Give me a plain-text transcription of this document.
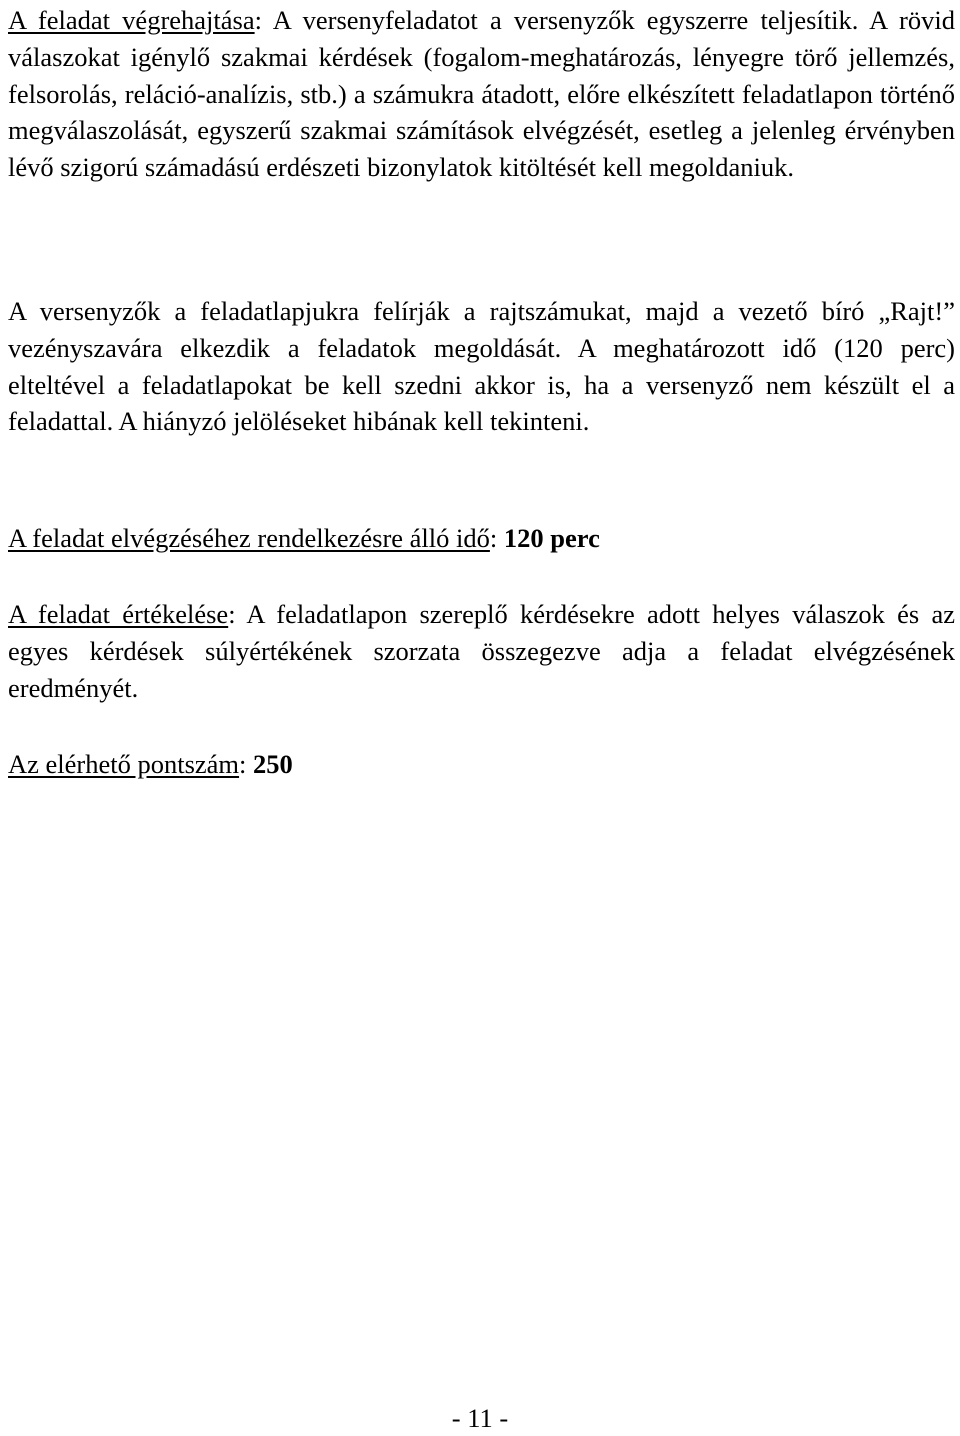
A feladat végrehajtása: A versenyfeladatot a versenyzők egyszerre teljesítik. A rövid válaszokat igénylő szakmai kérdések (fogalom-meghatározás, lényegre törő jellemzés, felsorolás, reláció-analízis, stb.) a számukra átadott, előre elkészített feladatlapon történő megválaszolását, egyszerű szakmai számítások elvégzését, esetleg a jelenleg érvényben lévő szigorú számadású erdészeti bizonylatok kitöltését kell megoldaniuk.

A versenyzők a feladatlapjukra felírják a rajtszámukat, majd a vezető bíró „Rajt!” vezényszavára elkezdik a feladatok megoldását. A meghatározott idő (120 perc) elteltével a feladatlapokat be kell szedni akkor is, ha a versenyző nem készült el a feladattal. A hiányzó jelöléseket hibának kell tekinteni.

A feladat elvégzéséhez rendelkezésre álló idő: 120 perc

A feladat értékelése: A feladatlapon szereplő kérdésekre adott helyes válaszok és az egyes kérdések súlyértékének szorzata összegezve adja a feladat elvégzésének eredményét.

Az elérhető pontszám: 250

- 11 -
